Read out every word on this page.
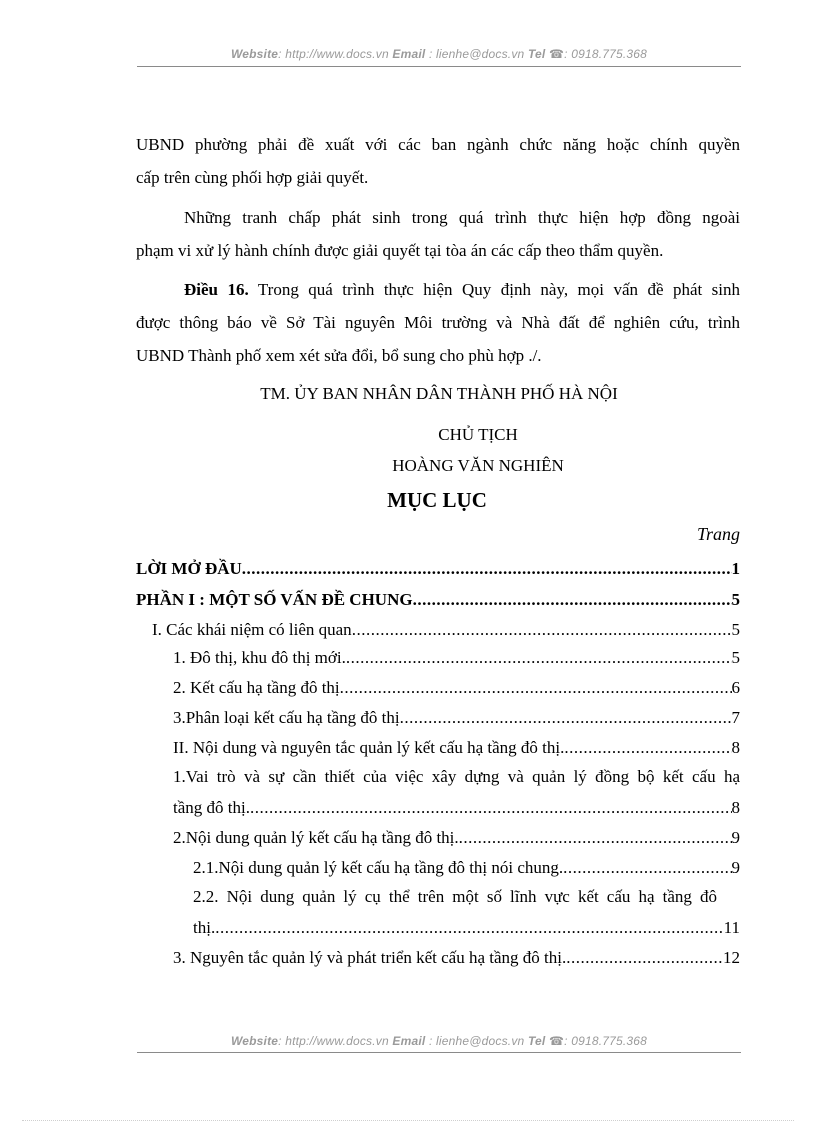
Website: http://www.docs.vn Email : lienhe@docs.vn Tel ☎: 0918.775.368
UBND phường phải đề xuất với các ban ngành chức năng hoặc chính quyền
cấp trên cùng phối hợp giải quyết.
Những tranh chấp phát sinh trong quá trình thực hiện hợp đồng ngoài
phạm vi xử lý hành chính được giải quyết tại tòa án các cấp theo thẩm quyền.
Điều 16. Trong quá trình thực hiện Quy định này, mọi vấn đề phát sinh
được thông báo về Sở Tài nguyên Môi trường và Nhà đất để nghiên cứu, trình
UBND Thành phố xem xét sửa đổi, bổ sung cho phù hợp ./.
TM. ỦY BAN NHÂN DÂN THÀNH PHỐ HÀ NỘI
CHỦ TỊCH
HOÀNG VĂN NGHIÊN
MỤC LỤC
Trang
LỜI MỞ ĐẦU .....	1
PHẦN I : MỘT SỐ VẤN ĐỀ CHUNG .....	5
I. Các khái niệm có liên quan .....	5
1. Đô thị, khu đô thị mới. .....	5
2. Kết cấu hạ tầng đô thị .....	6
3.Phân loại kết cấu hạ tầng đô thị .....	7
II. Nội dung và nguyên tắc quản lý kết cấu hạ tầng đô thị. .....	8
1.Vai trò và sự cần thiết của việc xây dựng và quản lý đồng bộ kết cấu hạ
tầng đô thị. .....	8
2.Nội dung quản lý kết cấu hạ tầng đô thị. .....	9
2.1.Nội dung quản lý kết cấu hạ tầng đô thị nói chung. .....	9
2.2. Nội dung quản lý cụ thể trên một số lĩnh vực kết cấu hạ tầng đô
thị. .....	11
3. Nguyên tắc quản lý và phát triển kết cấu hạ tầng đô thị. .....	12
Website: http://www.docs.vn Email : lienhe@docs.vn Tel ☎: 0918.775.368
